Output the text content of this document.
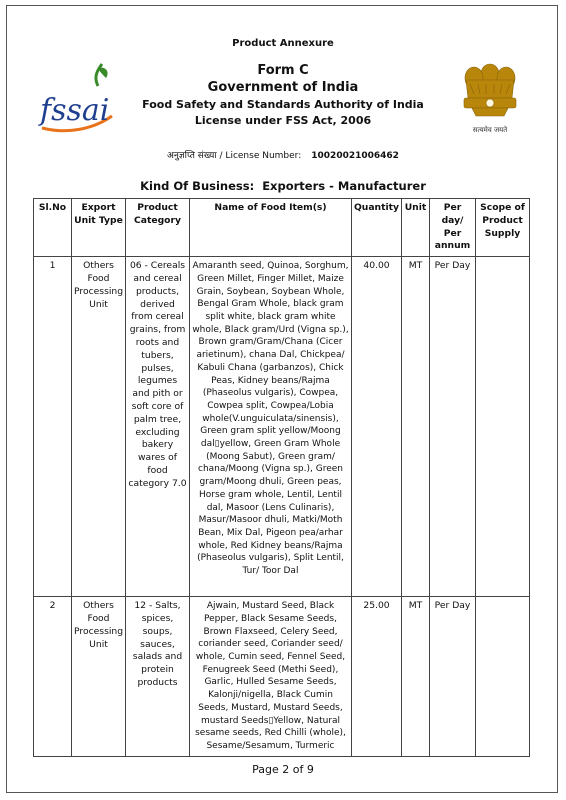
Product Annexure
fssai
सत्यमेव जयते
Form C
Government of India
Food Safety and Standards Authority of India
License under FSS Act, 2006
अनुज्ञप्ति संख्या / License Number: 10020021006462
Kind Of Business: Exporters - Manufacturer
Sl.No	Export Unit Type	Product Category	Name of Food Item(s)	Quantity	Unit	Per day/ Per annum	Scope of Product Supply
1	Others Food Processing Unit	06 - Cereals and cereal products, derived from cereal grains, from roots and tubers, pulses, legumes and pith or soft core of palm tree, excluding bakery wares of food category 7.0	Amaranth seed, Quinoa, Sorghum, Green Millet, Finger Millet, Maize Grain, Soybean, Soybean Whole, Bengal Gram Whole, black gram split white, black gram white whole, Black gram/Urd (Vigna sp.), Brown gram/Gram/Chana (Cicer arietinum), chana Dal, Chickpea/ Kabuli Chana (garbanzos), Chick Peas, Kidney beans/Rajma (Phaseolus vulgaris), Cowpea, Cowpea split, Cowpea/Lobia whole(V.unguiculata/sinensis), Green gram split yellow/Moong dal▯yellow, Green Gram Whole (Moong Sabut), Green gram/ chana/Moong (Vigna sp.), Green gram/Moong dhuli, Green peas, Horse gram whole, Lentil, Lentil dal, Masoor (Lens Culinaris), Masur/Masoor dhuli, Matki/Moth Bean, Mix Dal, Pigeon pea/arhar whole, Red Kidney beans/Rajma (Phaseolus vulgaris), Split Lentil, Tur/ Toor Dal	40.00	MT	Per Day	
2	Others Food Processing Unit	12 - Salts, spices, soups, sauces, salads and protein products	Ajwain, Mustard Seed, Black Pepper, Black Sesame Seeds, Brown Flaxseed, Celery Seed, coriander seed, Coriander seed/ whole, Cumin seed, Fennel Seed, Fenugreek Seed (Methi Seed), Garlic, Hulled Sesame Seeds, Kalonji/nigella, Black Cumin Seeds, Mustard, Mustard Seeds, mustard Seeds▯Yellow, Natural sesame seeds, Red Chilli (whole), Sesame/Sesamum, Turmeric	25.00	MT	Per Day	
Page 2 of 9
